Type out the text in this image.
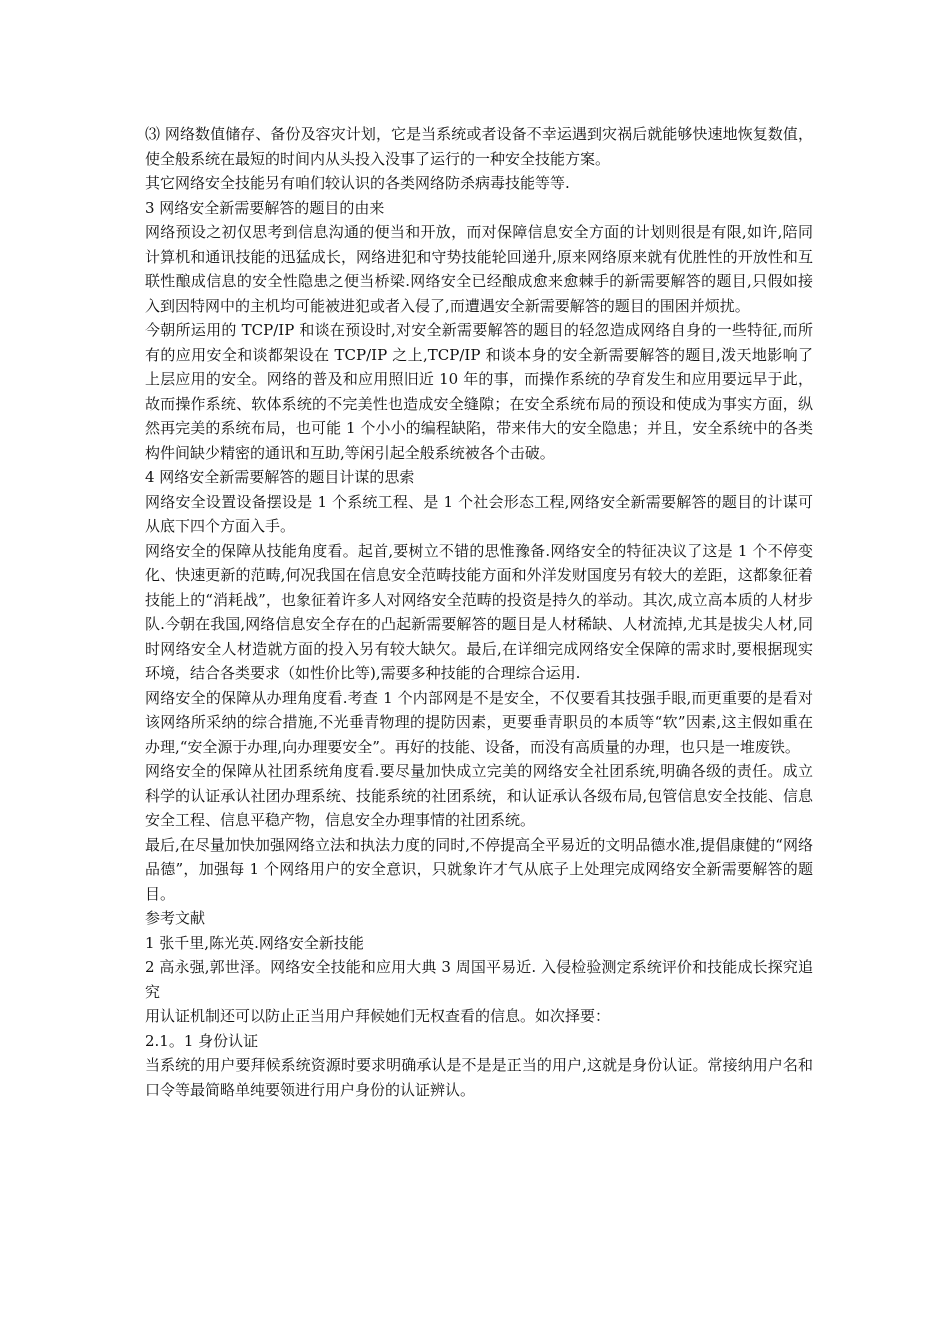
⑶ 网络数值储存、备份及容灾计划，它是当系统或者设备不幸运遇到灾祸后就能够快速地恢复数值，使全般系统在最短的时间内从头投入没事了运行的一种安全技能方案。

其它网络安全技能另有咱们较认识的各类网络防杀病毒技能等等.

3 网络安全新需要解答的题目的由来

网络预设之初仅思考到信息沟通的便当和开放，而对保障信息安全方面的计划则很是有限,如许,陪同计算机和通讯技能的迅猛成长，网络进犯和守势技能轮回递升,原来网络原来就有优胜性的开放性和互联性酿成信息的安全性隐患之便当桥梁.网络安全已经酿成愈来愈棘手的新需要解答的题目,只假如接入到因特网中的主机均可能被进犯或者入侵了,而遭遇安全新需要解答的题目的围困并烦扰。

今朝所运用的 TCP/IP 和谈在预设时,对安全新需要解答的题目的轻忽造成网络自身的一些特征,而所有的应用安全和谈都架设在 TCP/IP 之上,TCP/IP 和谈本身的安全新需要解答的题目,泼天地影响了上层应用的安全。网络的普及和应用照旧近 10 年的事，而操作系统的孕育发生和应用要远早于此，故而操作系统、软体系统的不完美性也造成安全缝隙；在安全系统布局的预设和使成为事实方面，纵然再完美的系统布局，也可能 1 个小小的编程缺陷，带来伟大的安全隐患；并且，安全系统中的各类构件间缺少精密的通讯和互助,等闲引起全般系统被各个击破。

4 网络安全新需要解答的题目计谋的思索

网络安全设置设备摆设是 1 个系统工程、是 1 个社会形态工程,网络安全新需要解答的题目的计谋可从底下四个方面入手。

网络安全的保障从技能角度看。起首,要树立不错的思惟豫备.网络安全的特征决议了这是 1 个不停变化、快速更新的范畴,何况我国在信息安全范畴技能方面和外洋发财国度另有较大的差距，这都象征着技能上的“消耗战”，也象征着许多人对网络安全范畴的投资是持久的举动。其次,成立高本质的人材步队.今朝在我国,网络信息安全存在的凸起新需要解答的题目是人材稀缺、人材流掉,尤其是拔尖人材,同时网络安全人材造就方面的投入另有较大缺欠。最后,在详细完成网络安全保障的需求时,要根据现实环境，结合各类要求（如性价比等),需要多种技能的合理综合运用.

网络安全的保障从办理角度看.考查 1 个内部网是不是安全，不仅要看其技强手眼,而更重要的是看对该网络所采纳的综合措施,不光垂青物理的提防因素，更要垂青职员的本质等“软”因素,这主假如重在办理,“安全源于办理,向办理要安全”。再好的技能、设备，而没有高质量的办理，也只是一堆废铁。

网络安全的保障从社团系统角度看.要尽量加快成立完美的网络安全社团系统,明确各级的责任。成立科学的认证承认社团办理系统、技能系统的社团系统，和认证承认各级布局,包管信息安全技能、信息安全工程、信息平稳产物，信息安全办理事情的社团系统。

最后,在尽量加快加强网络立法和执法力度的同时,不停提高全平易近的文明品德水准,提倡康健的“网络品德”，加强每 1 个网络用户的安全意识，只就象许才气从底子上处理完成网络安全新需要解答的题目。

参考文献

1 张千里,陈光英.网络安全新技能

2 高永强,郭世泽。网络安全技能和应用大典 3 周国平易近. 入侵检验测定系统评价和技能成长探究追究

用认证机制还可以防止正当用户拜候她们无权查看的信息。如次择要：

2.1。1 身份认证

当系统的用户要拜候系统资源时要求明确承认是不是是正当的用户,这就是身份认证。常接纳用户名和口令等最简略单纯要领进行用户身份的认证辨认。
